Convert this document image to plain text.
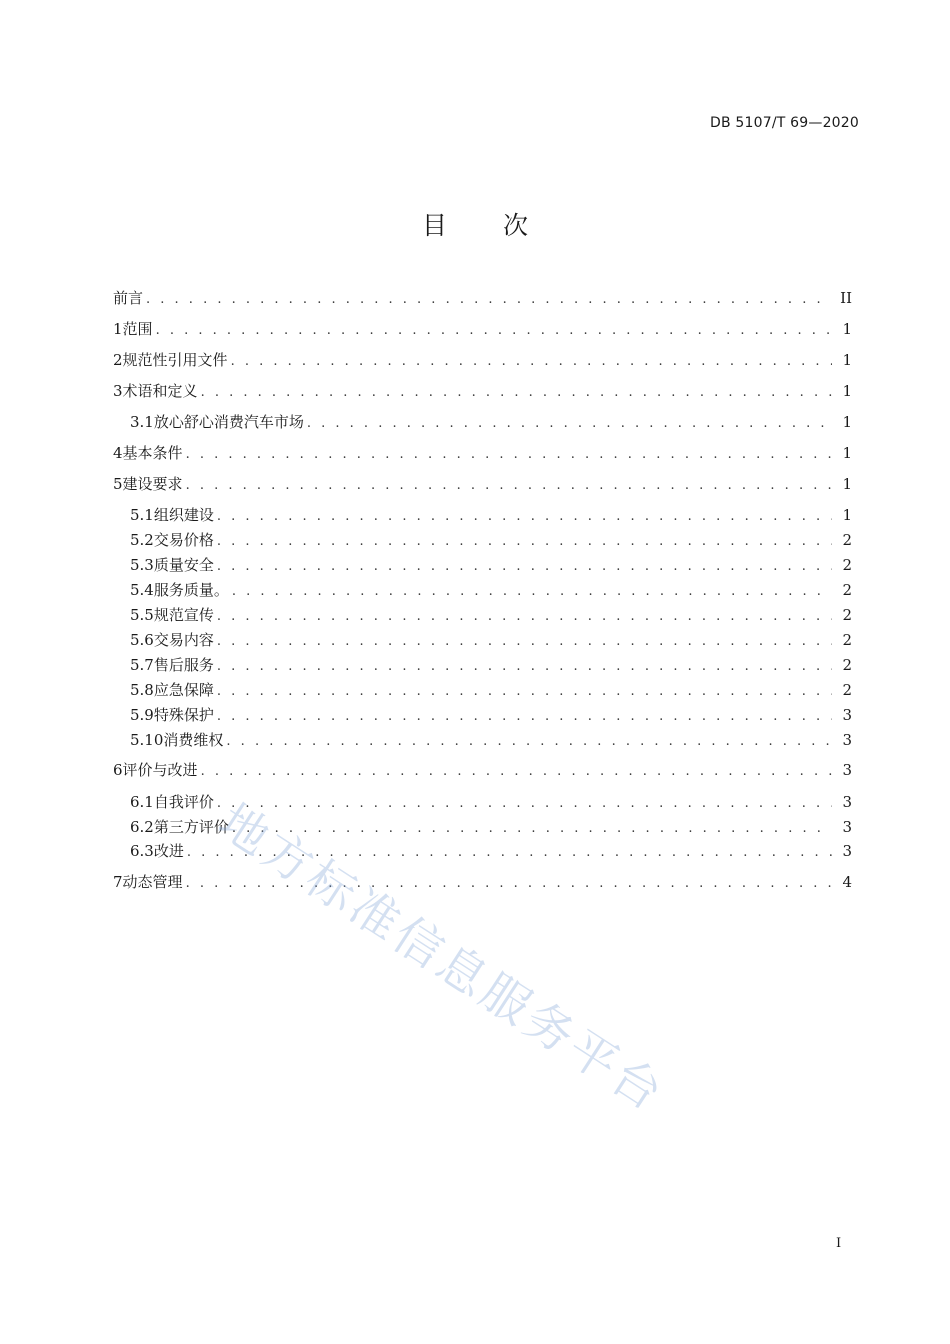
DB 5107/T 69—2020
目 次
前言 . . .	II
1 范围 . . .	1
2 规范性引用文件 . . .	1
3 术语和定义 . . .	1
3.1 放心舒心消费汽车市场 . . .	1
4 基本条件 . . .	1
5 建设要求 . . .	1
5.1 组织建设 . . .	1
5.2 交易价格 . . .	2
5.3 质量安全 . . .	2
5.4 服务质量。 . . .	2
5.5 规范宣传 . . .	2
5.6 交易内容 . . .	2
5.7 售后服务 . . .	2
5.8 应急保障 . . .	2
5.9 特殊保护 . . .	3
5.10 消费维权 . . .	3
6 评价与改进 . . .	3
6.1 自我评价 . . .	3
6.2 第三方评价 . . .	3
6.3 改进 . . .	3
7 动态管理 . . .	4
地方标准信息服务平台
I
